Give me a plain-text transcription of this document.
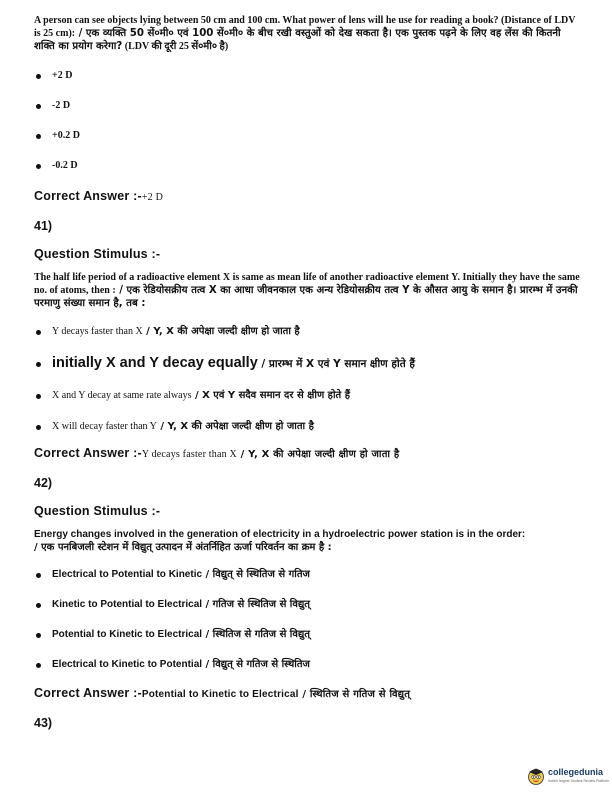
A person can see objects lying between 50 cm and 100 cm. What power of lens will he use for reading a book? (Distance of LDV is 25 cm): / एक व्यक्ति 50 सें०मी० एवं 100 सें०मी० के बीच रखी वस्तुओं को देख सकता है। एक पुस्तक पढ़ने के लिए वह लेंस की कितनी शक्ति का प्रयोग करेगा? (LDV की दूरी 25 सें०मी० है)

+2 D
-2 D
+0.2 D
-0.2 D

Correct Answer :-+2 D

41)

Question Stimulus :-

The half life period of a radioactive element X is same as mean life of another radioactive element Y. Initially they have the same no. of atoms, then : / एक रेडियोसक्रीय तत्व X का आधा जीवनकाल एक अन्य रेडियोसक्रीय तत्व Y के औसत आयु के समान है। प्रारम्भ में उनकी परमाणु संख्या समान है, तब :

Y decays faster than X / Y, X की अपेक्षा जल्दी क्षीण हो जाता है
initially X and Y decay equally / प्रारम्भ में X एवं Y समान क्षीण होते हैं
X and Y decay at same rate always / X एवं Y सदैव समान दर से क्षीण होते हैं
X will decay faster than Y / Y, X की अपेक्षा जल्दी क्षीण हो जाता है

Correct Answer :-Y decays faster than X / Y, X की अपेक्षा जल्दी क्षीण हो जाता है

42)

Question Stimulus :-

Energy changes involved in the generation of electricity in a hydroelectric power station is in the order:
/ एक पनबिजली स्टेशन में विद्युत् उत्पादन में अंतर्निहित ऊर्जा परिवर्तन का क्रम है :

Electrical to Potential to Kinetic / विद्युत् से स्थितिज से गतिज
Kinetic to Potential to Electrical / गतिज से स्थितिज से विद्युत्
Potential to Kinetic to Electrical / स्थितिज से गतिज से विद्युत्
Electrical to Kinetic to Potential / विद्युत् से गतिज से स्थितिज

Correct Answer :-Potential to Kinetic to Electrical / स्थितिज से गतिज से विद्युत्

43)

collegedunia
India's largest Student Review Platform
